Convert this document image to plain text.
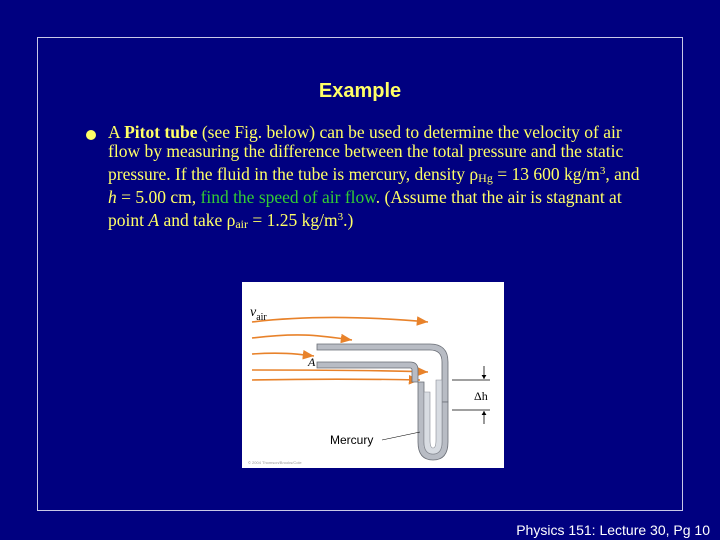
Example
A Pitot tube (see Fig. below) can be used to determine the velocity of air flow by measuring the difference between the total pressure and the static pressure. If the fluid in the tube is mercury, density ρHg = 13 600 $kg/m^3$, and h = 5.00 cm, find the speed of air flow. (Assume that the air is stagnant at point A and take ρair = 1.25 $kg/m^3$.)
$v_{air}$
A
Δh
Mercury
© 2004 Thomson/Brooks/Cole
Physics 151: Lecture 30, Pg 10
